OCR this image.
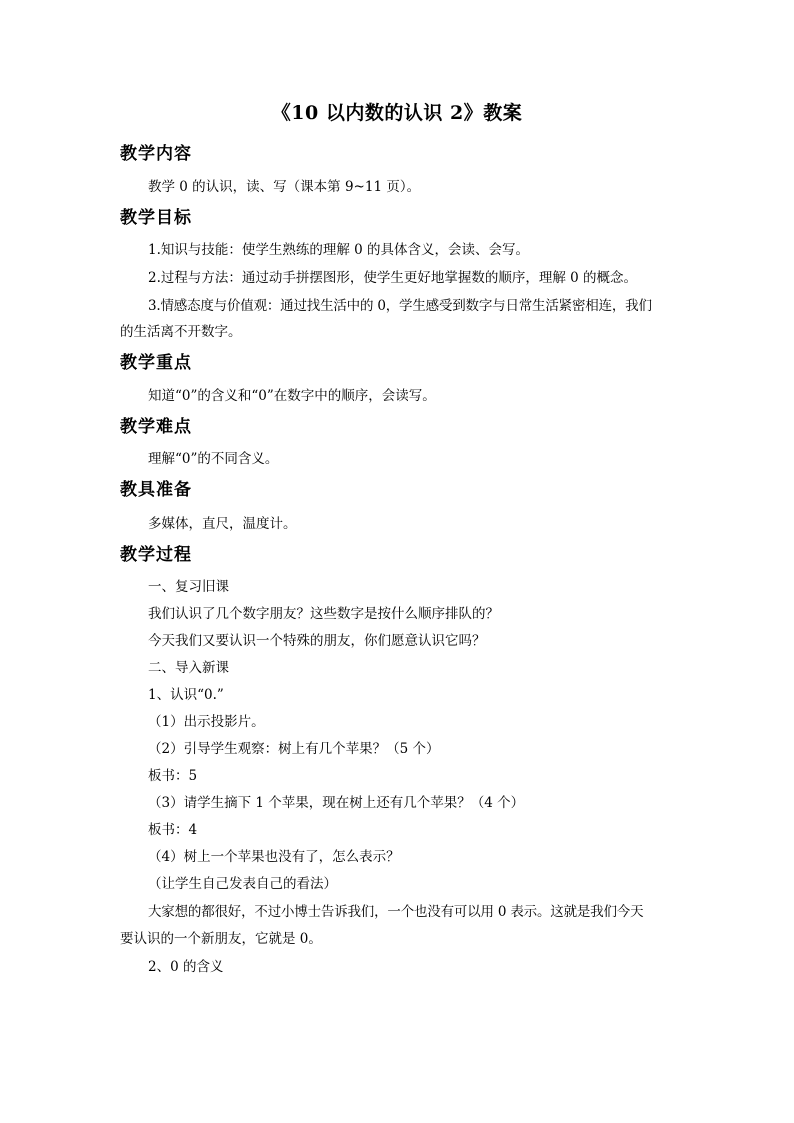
《10 以内数的认识 2》教案
教学内容
教学 0 的认识，读、写（课本第 9~11 页）。
教学目标
1.知识与技能：使学生熟练的理解 0 的具体含义，会读、会写。
2.过程与方法：通过动手拼摆图形，使学生更好地掌握数的顺序，理解 0 的概念。
3.情感态度与价值观：通过找生活中的 0，学生感受到数字与日常生活紧密相连，我们
的生活离不开数字。
教学重点
知道“0”的含义和“0”在数字中的顺序，会读写。
教学难点
理解“0”的不同含义。
教具准备
多媒体，直尺，温度计。
教学过程
一、复习旧课
我们认识了几个数字朋友？这些数字是按什么顺序排队的？
今天我们又要认识一个特殊的朋友，你们愿意认识它吗？
二、导入新课
1、认识“0.”
（1）出示投影片。
（2）引导学生观察：树上有几个苹果？（5 个）
板书：5
（3）请学生摘下 1 个苹果，现在树上还有几个苹果？（4 个）
板书：4
（4）树上一个苹果也没有了，怎么表示？
（让学生自己发表自己的看法）
大家想的都很好，不过小博士告诉我们，一个也没有可以用 0 表示。这就是我们今天
要认识的一个新朋友，它就是 0。
2、0 的含义
